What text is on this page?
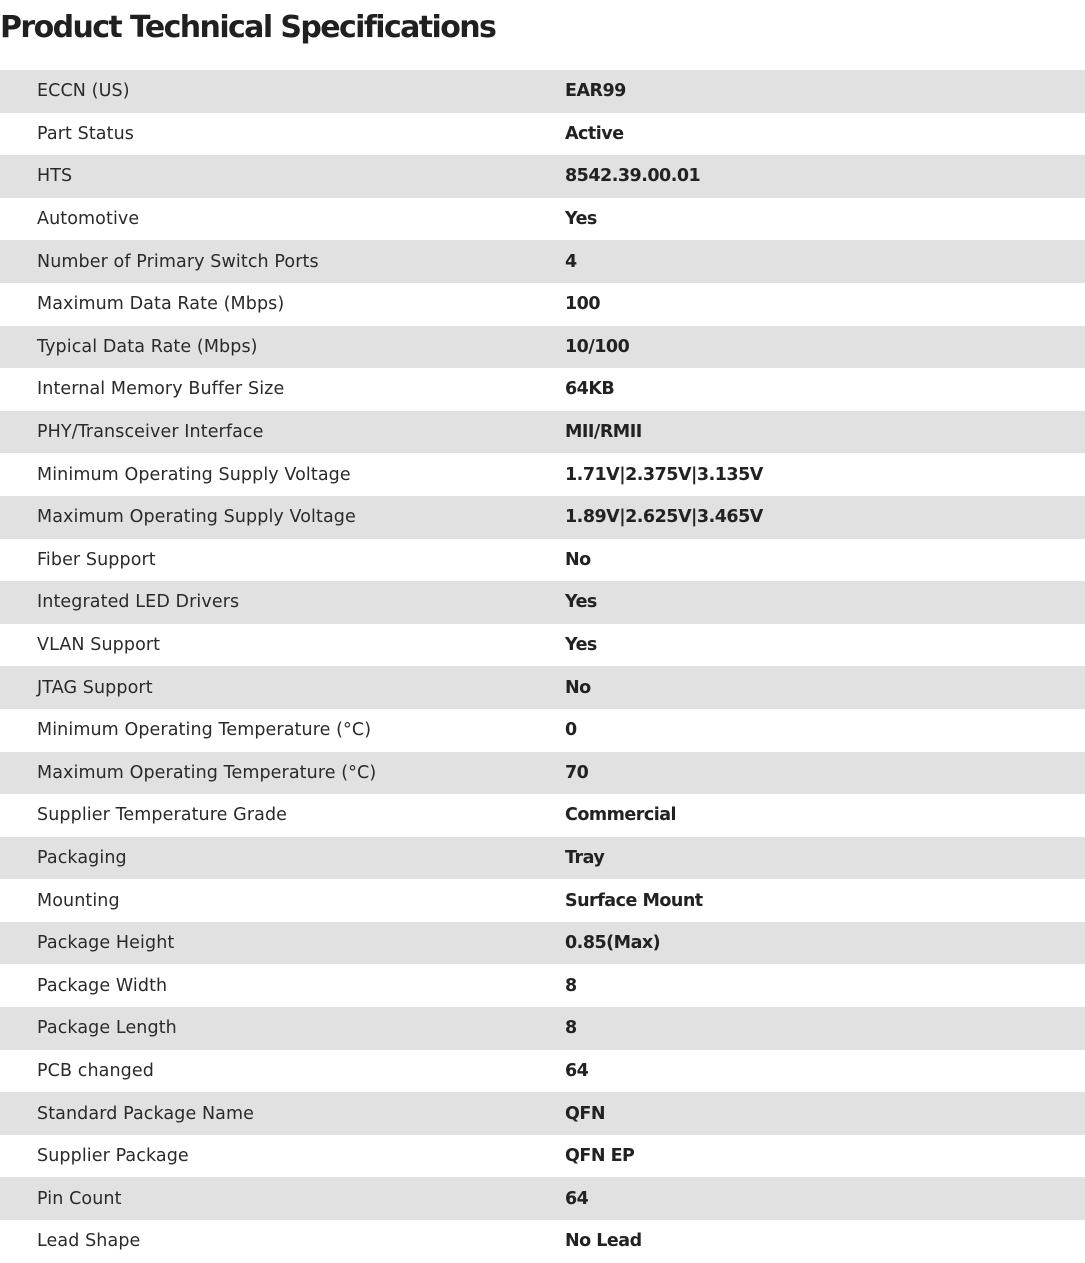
Product Technical Specifications
ECCN (US)	EAR99
Part Status	Active
HTS	8542.39.00.01
Automotive	Yes
Number of Primary Switch Ports	4
Maximum Data Rate (Mbps)	100
Typical Data Rate (Mbps)	10/100
Internal Memory Buffer Size	64KB
PHY/Transceiver Interface	MII/RMII
Minimum Operating Supply Voltage	1.71V|2.375V|3.135V
Maximum Operating Supply Voltage	1.89V|2.625V|3.465V
Fiber Support	No
Integrated LED Drivers	Yes
VLAN Support	Yes
JTAG Support	No
Minimum Operating Temperature (°C)	0
Maximum Operating Temperature (°C)	70
Supplier Temperature Grade	Commercial
Packaging	Tray
Mounting	Surface Mount
Package Height	0.85(Max)
Package Width	8
Package Length	8
PCB changed	64
Standard Package Name	QFN
Supplier Package	QFN EP
Pin Count	64
Lead Shape	No Lead
